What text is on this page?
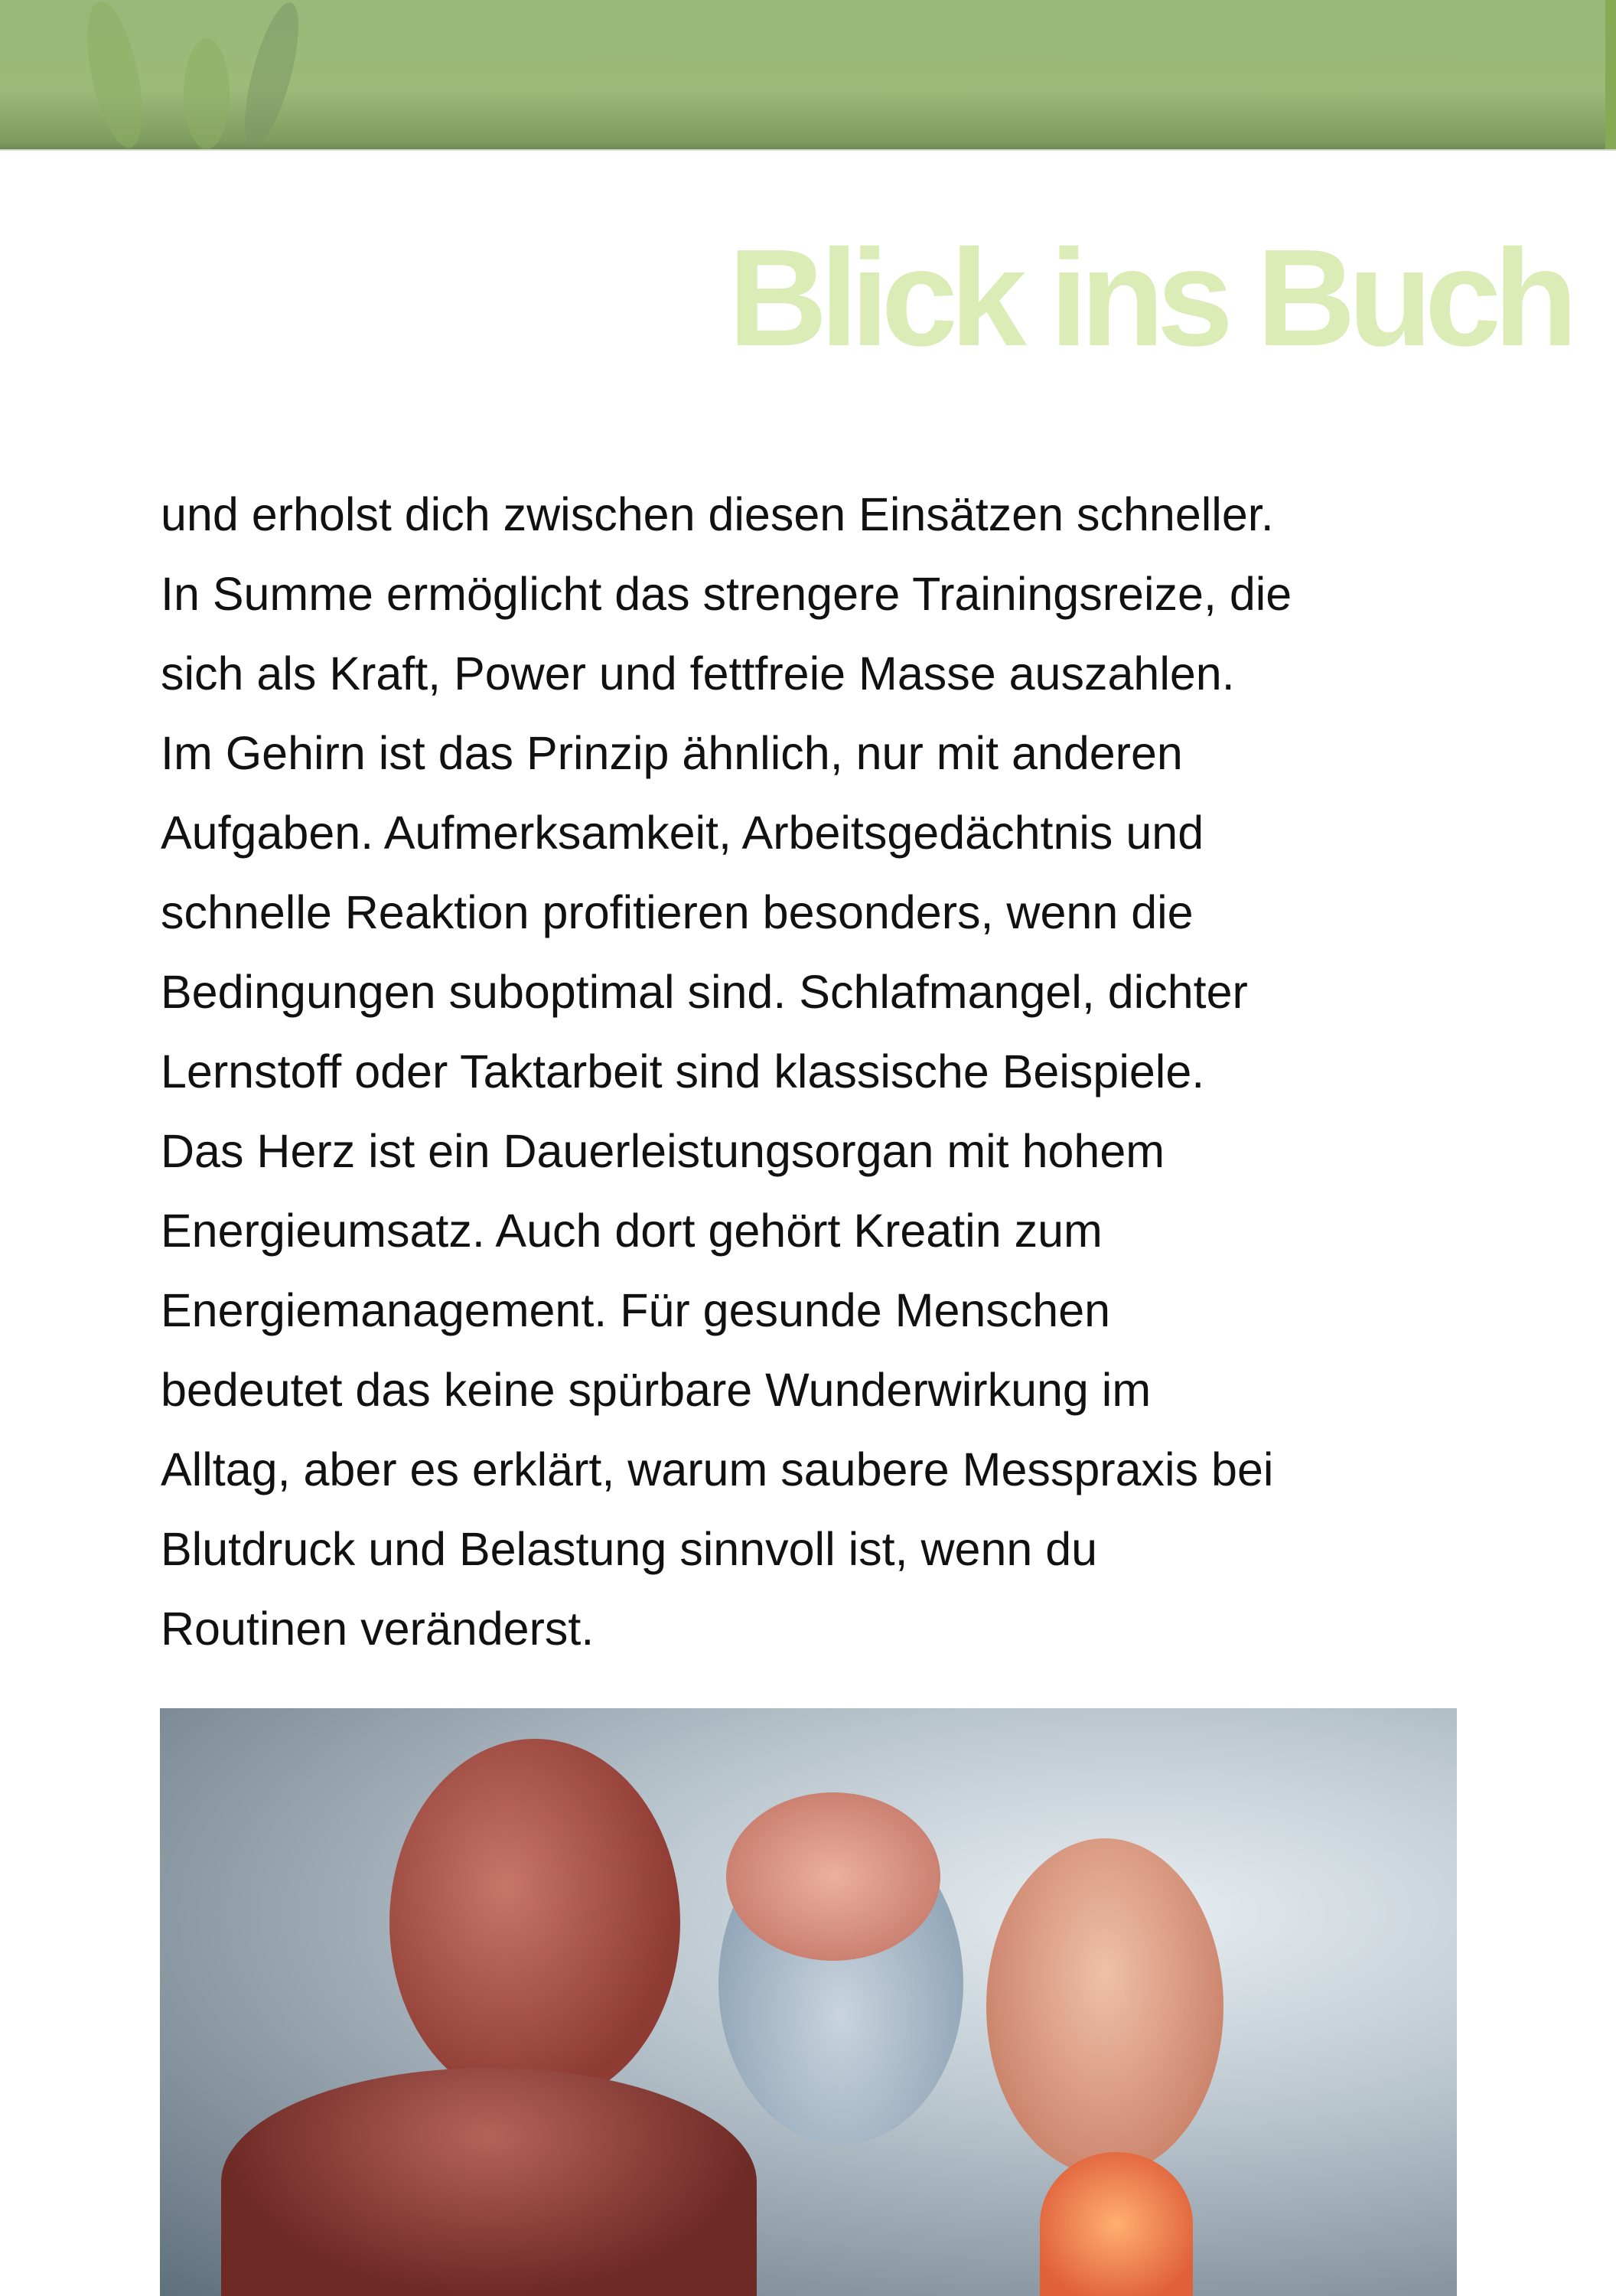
Blick ins Buch
und erholst dich zwischen diesen Einsätzen schneller.
In Summe ermöglicht das strengere Trainingsreize, die
sich als Kraft, Power und fettfreie Masse auszahlen.
Im Gehirn ist das Prinzip ähnlich, nur mit anderen
Aufgaben. Aufmerksamkeit, Arbeitsgedächtnis und
schnelle Reaktion profitieren besonders, wenn die
Bedingungen suboptimal sind. Schlafmangel, dichter
Lernstoff oder Taktarbeit sind klassische Beispiele.
Das Herz ist ein Dauerleistungsorgan mit hohem
Energieumsatz. Auch dort gehört Kreatin zum
Energiemanagement. Für gesunde Menschen
bedeutet das keine spürbare Wunderwirkung im
Alltag, aber es erklärt, warum saubere Messpraxis bei
Blutdruck und Belastung sinnvoll ist, wenn du
Routinen veränderst.
